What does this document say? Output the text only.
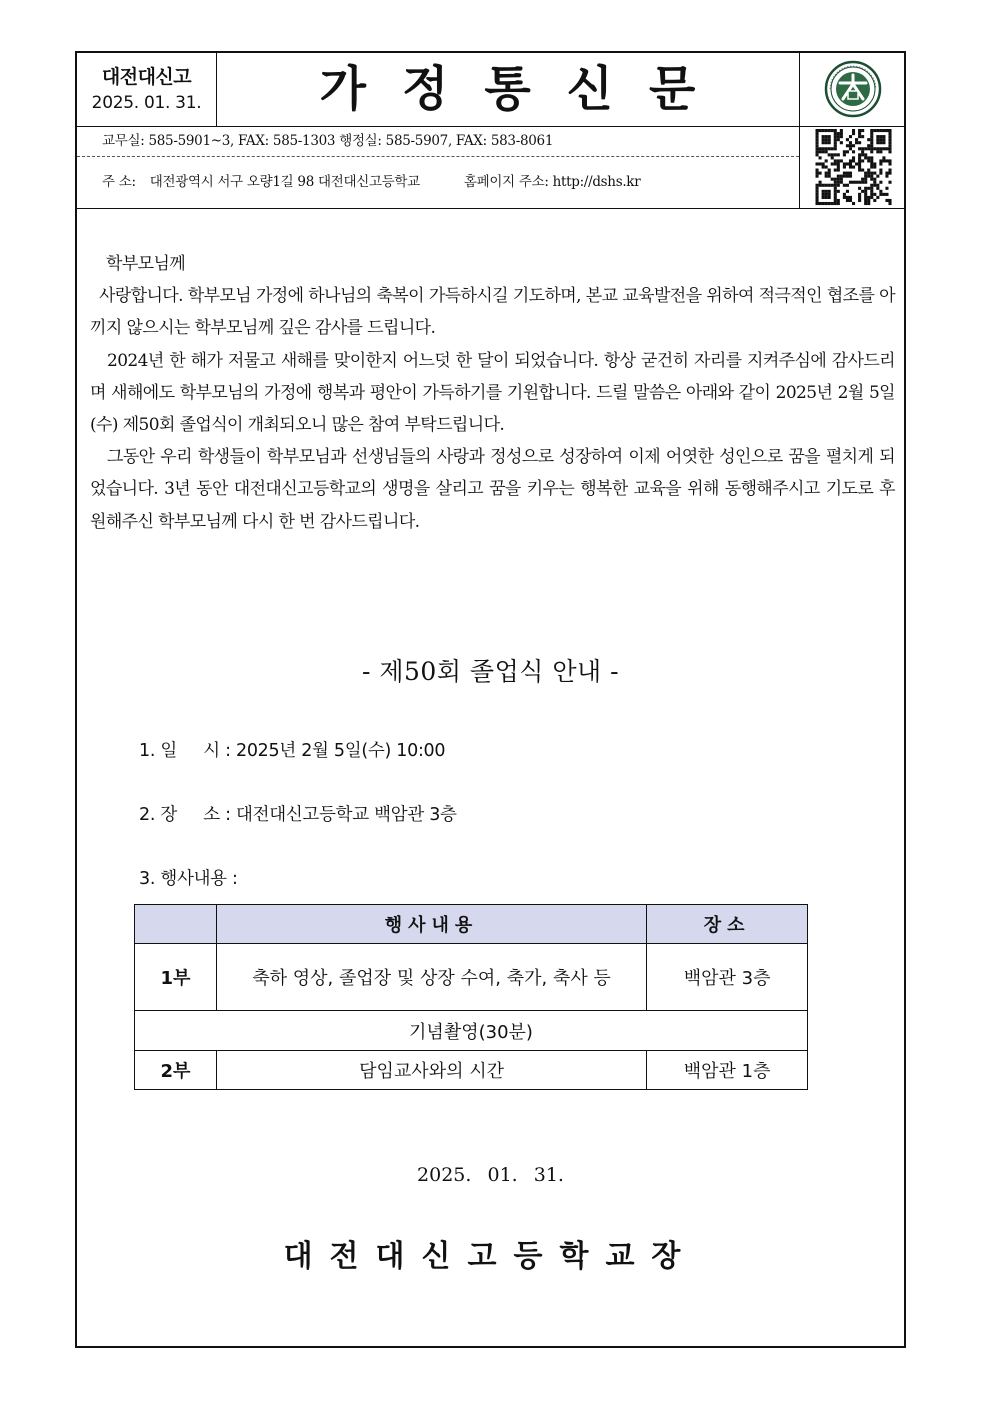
대전대신고
2025. 01. 31.	가정통신문
교무실: 585-5901~3, FAX: 585-1303 행정실: 585-5907, FAX: 583-8061
주 소: 대전광역시 서구 오량1길 98 대전대신고등학교	홈페이지 주소: http://dshs.kr

학부모님께

사랑합니다. 학부모님 가정에 하나님의 축복이 가득하시길 기도하며, 본교 교육발전을 위하여 적극적인 협조를 아끼지 않으시는 학부모님께 깊은 감사를 드립니다.

2024년 한 해가 저물고 새해를 맞이한지 어느덧 한 달이 되었습니다. 항상 굳건히 자리를 지켜주심에 감사드리며 새해에도 학부모님의 가정에 행복과 평안이 가득하기를 기원합니다. 드릴 말씀은 아래와 같이 2025년 2월 5일(수) 제50회 졸업식이 개최되오니 많은 참여 부탁드립니다.

그동안 우리 학생들이 학부모님과 선생님들의 사랑과 정성으로 성장하여 이제 어엿한 성인으로 꿈을 펼치게 되었습니다. 3년 동안 대전대신고등학교의 생명을 살리고 꿈을 키우는 행복한 교육을 위해 동행해주시고 기도로 후원해주신 학부모님께 다시 한 번 감사드립니다.

- 제50회 졸업식 안내 -
1. 일     시 : 2025년 2월 5일(수) 10:00
2. 장     소 : 대전대신고등학교 백암관 3층
3. 행사내용 :
	행사내용	장소
1부	축하 영상, 졸업장 및 상장 수여, 축가, 축사 등	백암관 3층
기념촬영(30분)		
2부	담임교사와의 시간	백암관 1층
2025. 01. 31.
대전대신고등학교장
